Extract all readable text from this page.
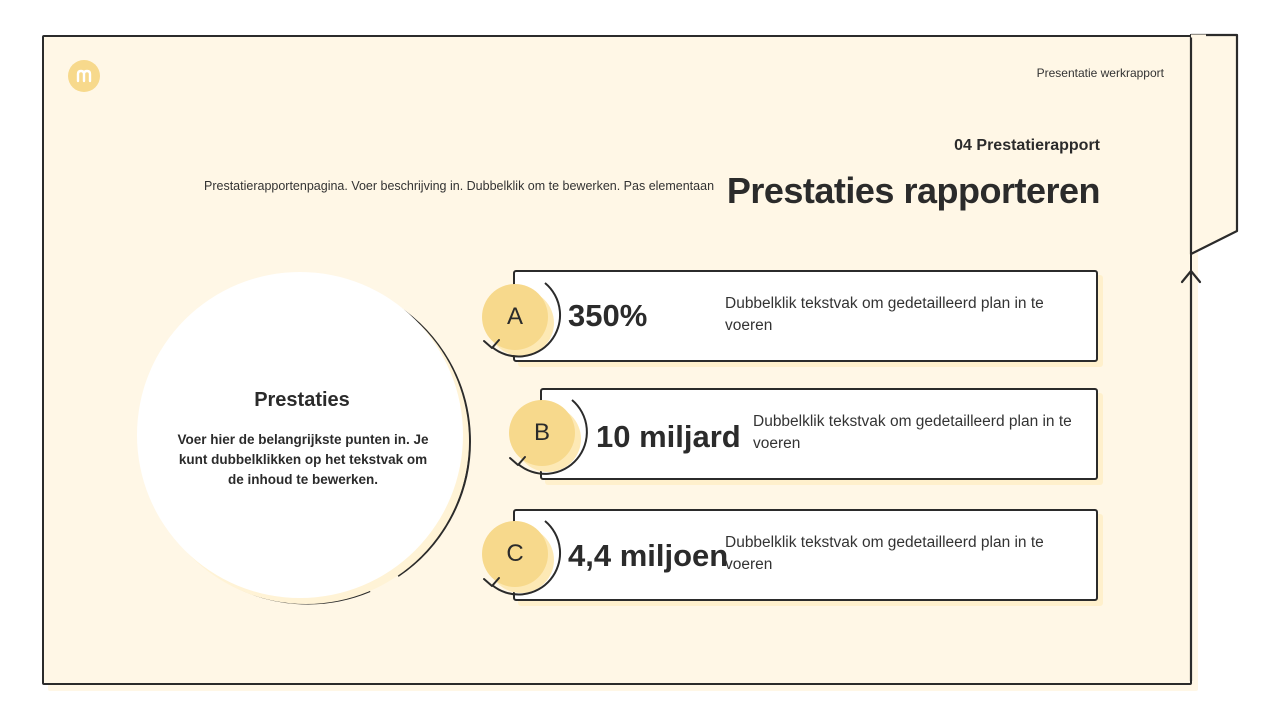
Presentatie werkrapport
04 Prestatierapport
Prestatierapportenpagina. Voer beschrijving in. Dubbelklik om te bewerken. Pas elementaan Prestaties rapporteren
Prestaties
Voer hier de belangrijkste punten in. Je kunt dubbelklikken op het tekstvak om de inhoud te bewerken.
A 350%	Dubbelklik tekstvak om gedetailleerd plan in te voeren
B 10 miljard Dubbelklik tekstvak om gedetailleerd plan in te voeren
C 4,4 miljoen
Dubbelklik tekstvak om gedetailleerd plan in te voeren
